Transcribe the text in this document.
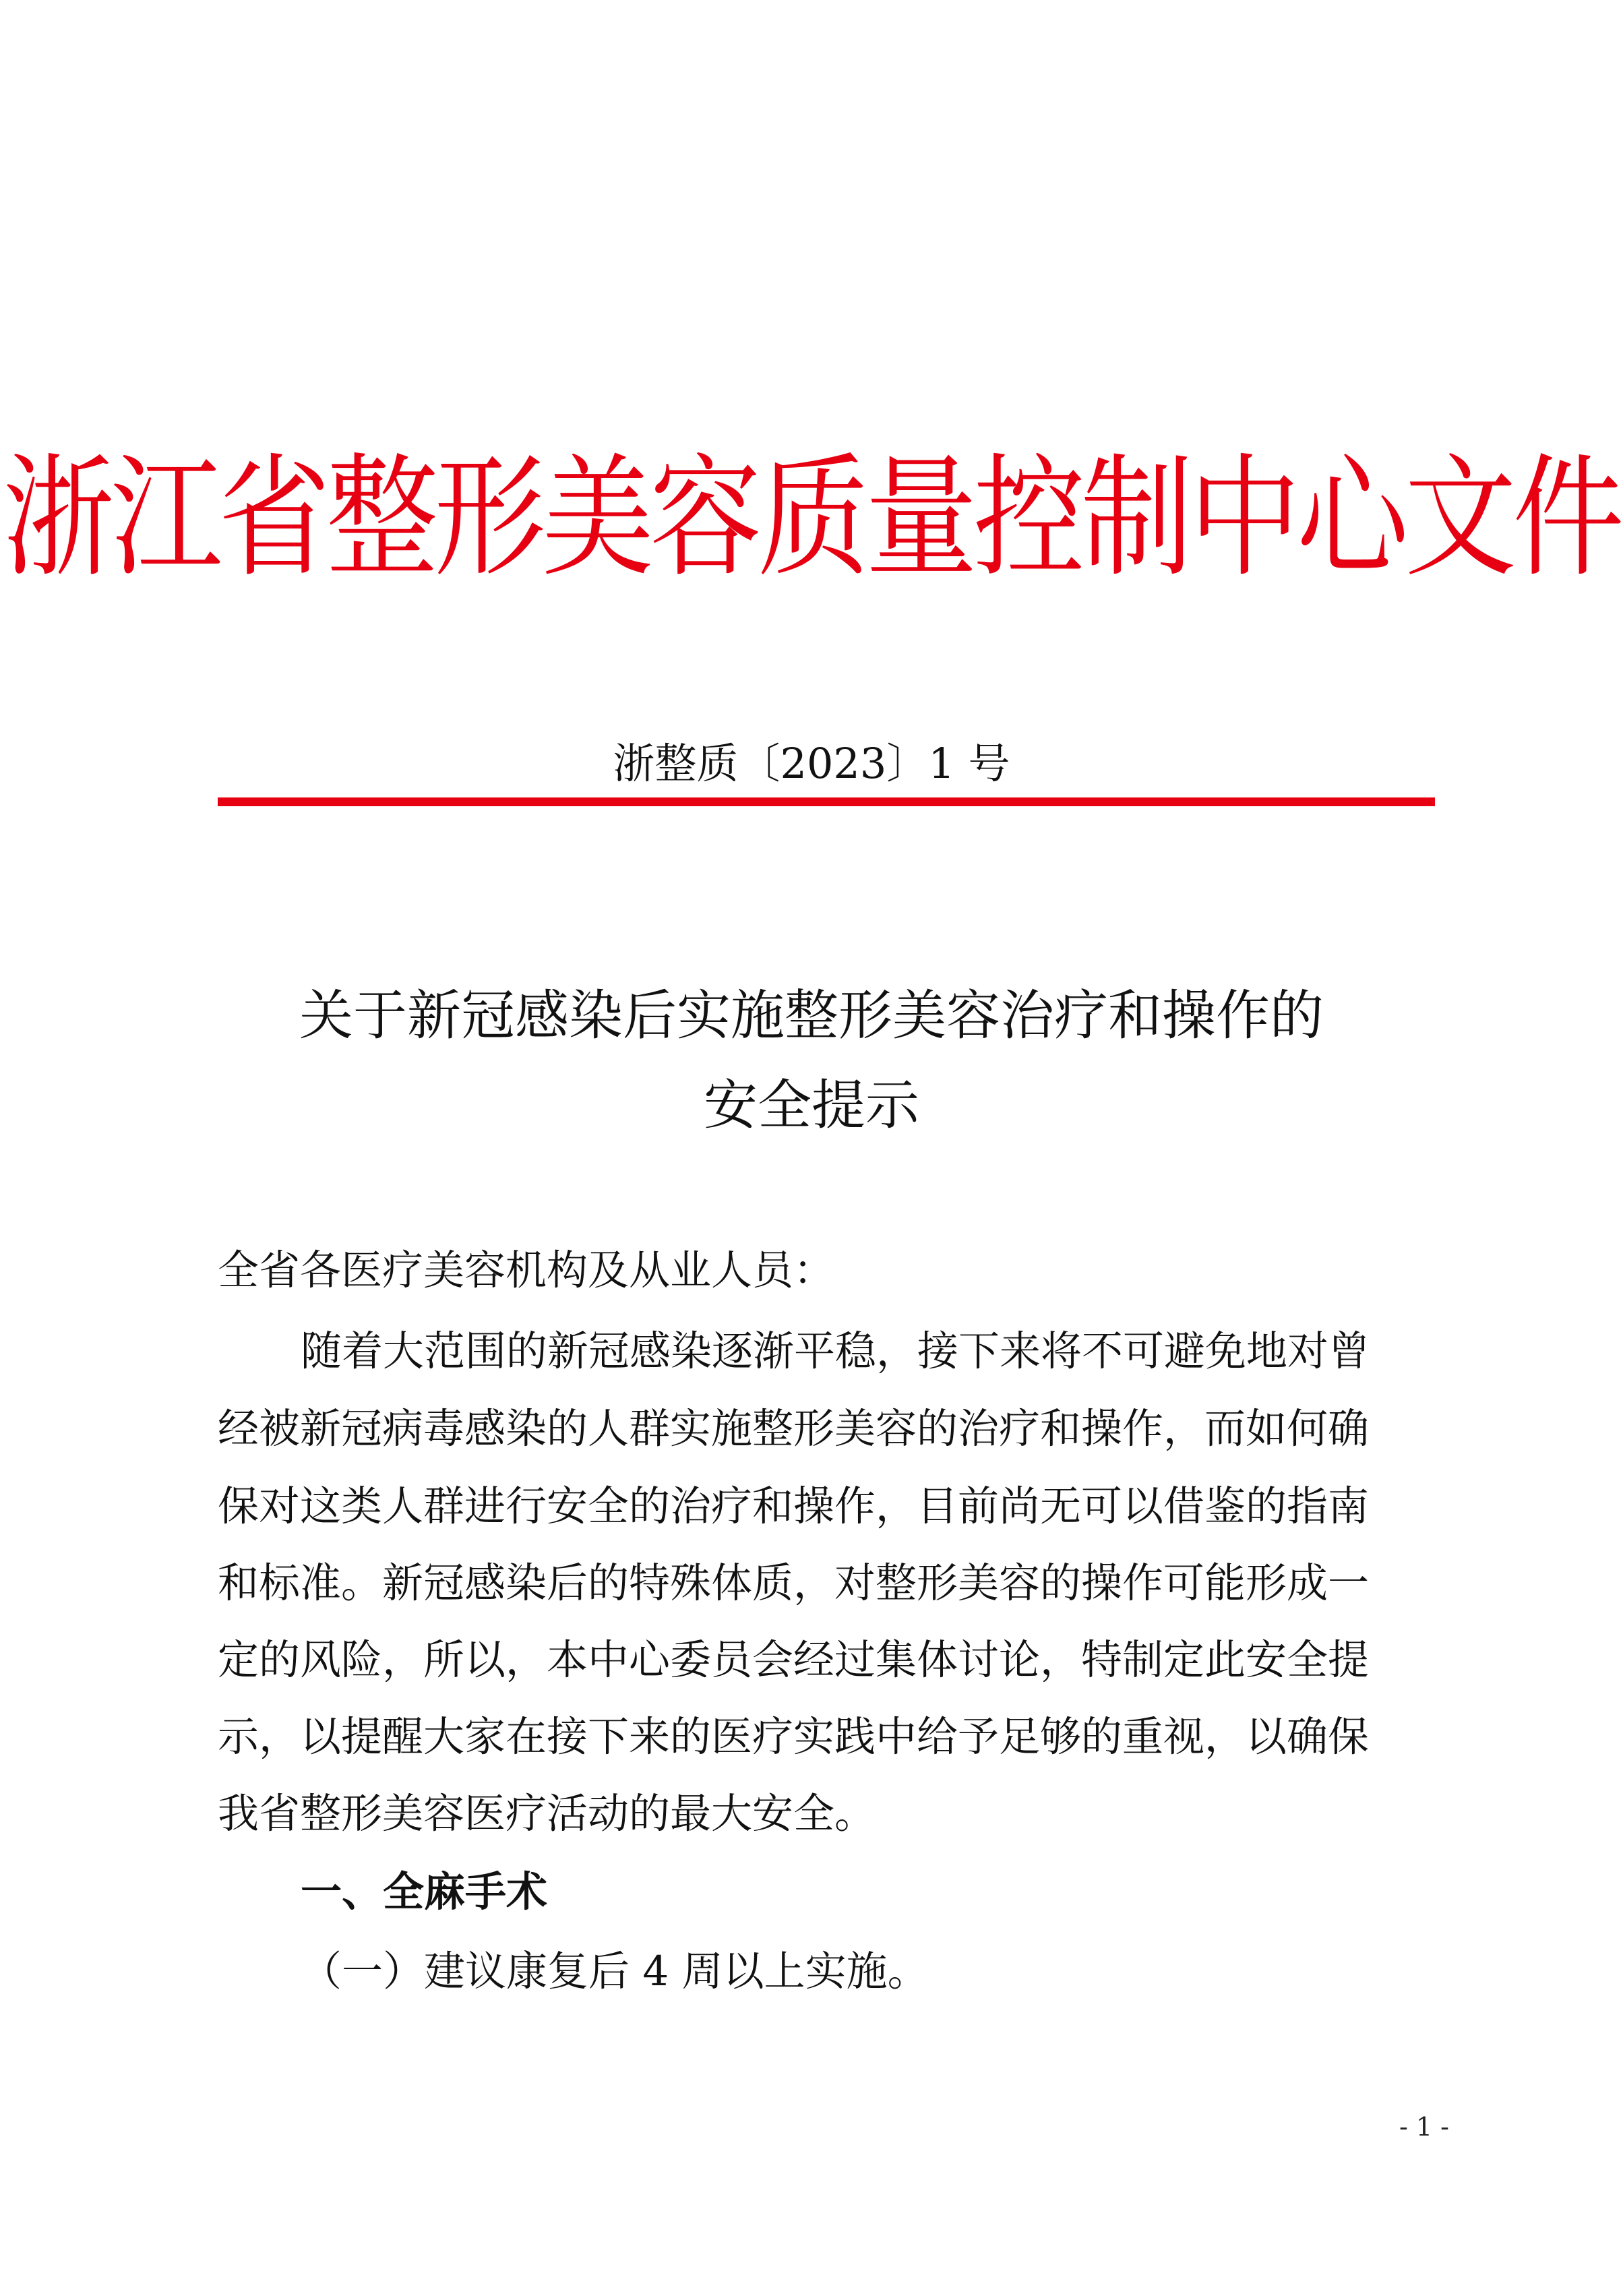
浙江省整形美容质量控制中心文件
浙整质〔2023〕1 号
关于新冠感染后实施整形美容治疗和操作的
安全提示
全省各医疗美容机构及从业人员：
随着大范围的新冠感染逐渐平稳，接下来将不可避免地对曾
经被新冠病毒感染的人群实施整形美容的治疗和操作，而如何确
保对这类人群进行安全的治疗和操作，目前尚无可以借鉴的指南
和标准。新冠感染后的特殊体质，对整形美容的操作可能形成一
定的风险，所以，本中心委员会经过集体讨论，特制定此安全提
示，以提醒大家在接下来的医疗实践中给予足够的重视，以确保
我省整形美容医疗活动的最大安全。
一、全麻手术
（一）建议康复后 4 周以上实施。
- 1 -
